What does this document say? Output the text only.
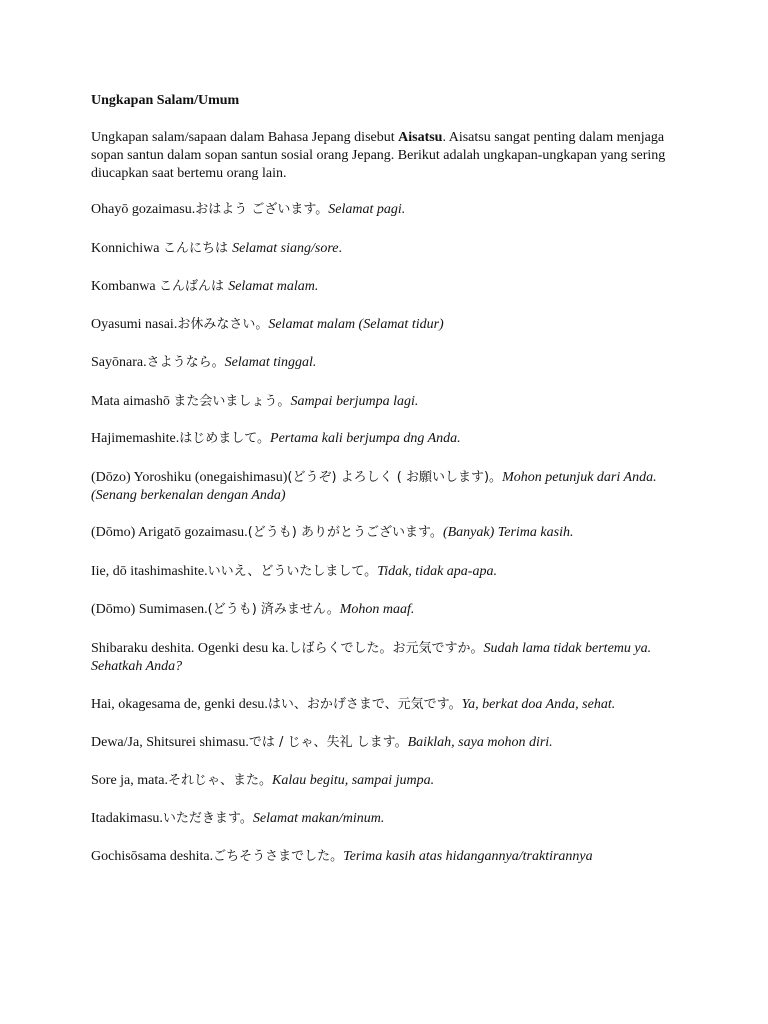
Ungkapan Salam/Umum

Ungkapan salam/sapaan dalam Bahasa Jepang disebut Aisatsu. Aisatsu sangat penting dalam menjaga sopan santun dalam sopan santun sosial orang Jepang. Berikut adalah ungkapan-ungkapan yang sering diucapkan saat bertemu orang lain.

Ohayō gozaimasu.おはよう ございます。Selamat pagi.

Konnichiwa こんにちは Selamat siang/sore.

Kombanwa こんばんは Selamat malam.

Oyasumi nasai.お休みなさい。Selamat malam (Selamat tidur)

Sayōnara.さようなら。Selamat tinggal.

Mata aimashō また会いましょう。Sampai berjumpa lagi.

Hajimemashite.はじめまして。Pertama kali berjumpa dng Anda.

(Dōzo) Yoroshiku (onegaishimasu)(どうぞ) よろしく ( お願いします)。Mohon petunjuk dari Anda. (Senang berkenalan dengan Anda)

(Dōmo) Arigatō gozaimasu.(どうも) ありがとうございます。(Banyak) Terima kasih.

Iie, dō itashimashite.いいえ、どういたしまして。Tidak, tidak apa-apa.

(Dōmo) Sumimasen.(どうも) 済みません。Mohon maaf.

Shibaraku deshita. Ogenki desu ka.しばらくでした。お元気ですか。Sudah lama tidak bertemu ya. Sehatkah Anda?

Hai, okagesama de, genki desu.はい、おかげさまで、元気です。Ya, berkat doa Anda, sehat.

Dewa/Ja, Shitsurei shimasu.では / じゃ、失礼 します。Baiklah, saya mohon diri.

Sore ja, mata.それじゃ、また。Kalau begitu, sampai jumpa.

Itadakimasu.いただきます。Selamat makan/minum.

Gochisōsama deshita.ごちそうさまでした。Terima kasih atas hidangannya/traktirannya
